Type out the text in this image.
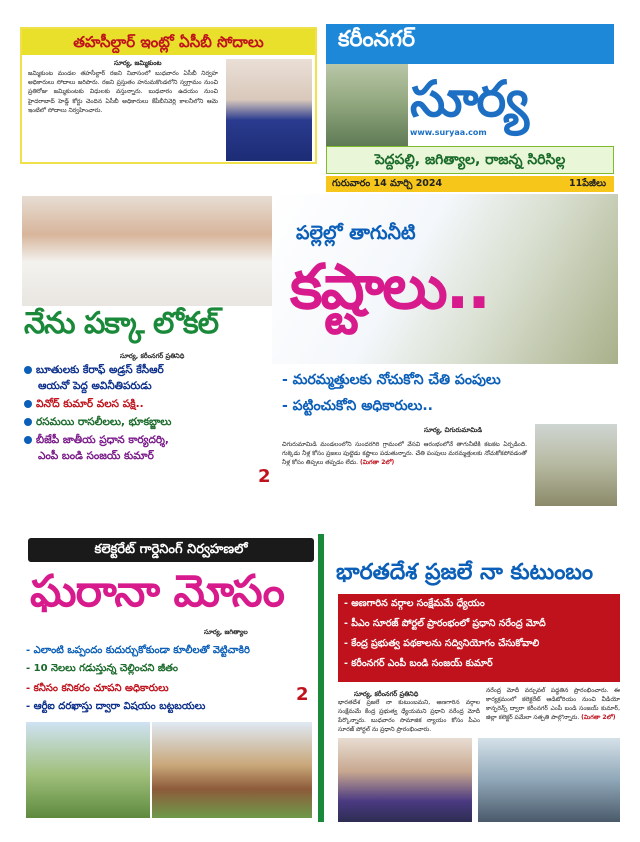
తహసీల్దార్ ఇంట్లో ఏసీబీ సోదాలు
సూర్య, జమ్మికుంట
జమ్మికుంట మండల తహసీల్దార్ రజని నివాసంలో బుధవారం ఏసీబీ నిర్వహ అధికారులు సోదాలు జరిపారు. రజని ప్రస్తుతం హనుమకొండలోని స్వగ్రామం నుంచి ప్రతిరోజు జమ్మికుంటకు విధులకు వస్తున్నారు. బుధవారం ఉదయం నుంచి హైదరాబాద్ హెడ్డ్ కోర్టు చెందిన ఏసీబీ అధికారులు కేపీబీనివెర్లి కాలనీలోని ఆమె ఇంటిలో సోదాలు నిర్వహించారు.
కరీంనగర్
సూర్య
www.suryaa.com
పెద్దపల్లి, జగిత్యాల, రాజన్న సిరిసిల్ల
గురువారం 14 మార్చి 2024	11పేజీలు
నేను పక్కా లోకల్
సూర్య, కరీంనగర్ ప్రతినిధి
బూతులకు కేరాఫ్ అడ్రస్ కేసీఆర్
ఆయనో పెద్ద అవినీతిపరుడు
వినోద్ కుమార్ వలస పక్షి..
రసమయి రాసలీలలు, భూకబ్జాలు
బీజేపీ జాతీయ ప్రధాన కార్యదర్శి,
ఎంపీ బండి సంజయ్ కుమార్
2
పల్లెల్లో తాగునీటి
కష్టాలు..
- మరమ్మత్తులకు నోచుకోని చేతి పంపులు
- పట్టించుకోని అధికారులు..
సూర్య, చిగురుమామిడి
చిగురుమామిడి మండలంలోని సుందరగిరి గ్రామంలో వేసవి ఆరంభంలోనే తాగునీటికి కటకట ఏర్పడింది. గుక్కెడు నీళ్ల కోసం ప్రజలు పుట్టెడు కష్టాలు పడుతున్నారు. చేతి పంపులు మరమ్మత్తులకు నోచుకోకపోవడంతో నీళ్ల కోసం తిప్పలు తప్పడం లేదు. (మిగతా 2లో)
కలెక్టరేట్ గార్డెనింగ్ నిర్వహణలో
ఘరానా మోసం
సూర్య, జగిత్యాల
- ఎలాంటి ఒప్పందం కుదుర్చుకోకుండా కూలీలతో వెట్టిచాకిరి
- 10 నెలలు గడుస్తున్న చెల్లించని జీతం
- కనీసం కనికరం చూపని అధికారులు
- ఆర్టీఐ దరఖాస్తు ద్వారా విషయం బట్టబయలు
2
భారతదేశ ప్రజలే నా కుటుంబం
- అణగారిన వర్గాల సంక్షేమమే ధ్యేయం
- పీఎం సూరజ్ పోర్టల్ ప్రారంభంలో ప్రధాని నరేంద్ర మోదీ
- కేంద్ర ప్రభుత్వ పథకాలను సద్వినియోగం చేసుకోవాలి
- కరీంనగర్ ఎంపీ బండి సంజయ్ కుమార్
సూర్య, కరీంనగర్ ప్రతినిధి
భారతదేశ ప్రజలే నా కుటుంబమని, అణగారిన వర్గాల సంక్షేమమే కేంద్ర ప్రభుత్వ ధ్యేయమని ప్రధాని నరేంద్ర మోదీ పేర్కొన్నారు. బుధవారం సామాజిక న్యాయం కోసం పీఎం సూరజ్ పోర్టల్ ను ప్రధాని ప్రారంభించారు.
నరేంద్ర మోదీ వర్చువల్ పద్ధతిన ప్రారంభించారు. ఈ కార్యక్రమంలో కలెక్టరేట్ ఆడిటోరియం నుంచి వీడియో కాన్ఫరెన్స్ ద్వారా కరీంనగర్ ఎంపీ బండి సంజయ్ కుమార్, జిల్లా కలెక్టర్ పమేలా సత్పతి పాల్గొన్నారు. (మిగతా 2లో)
